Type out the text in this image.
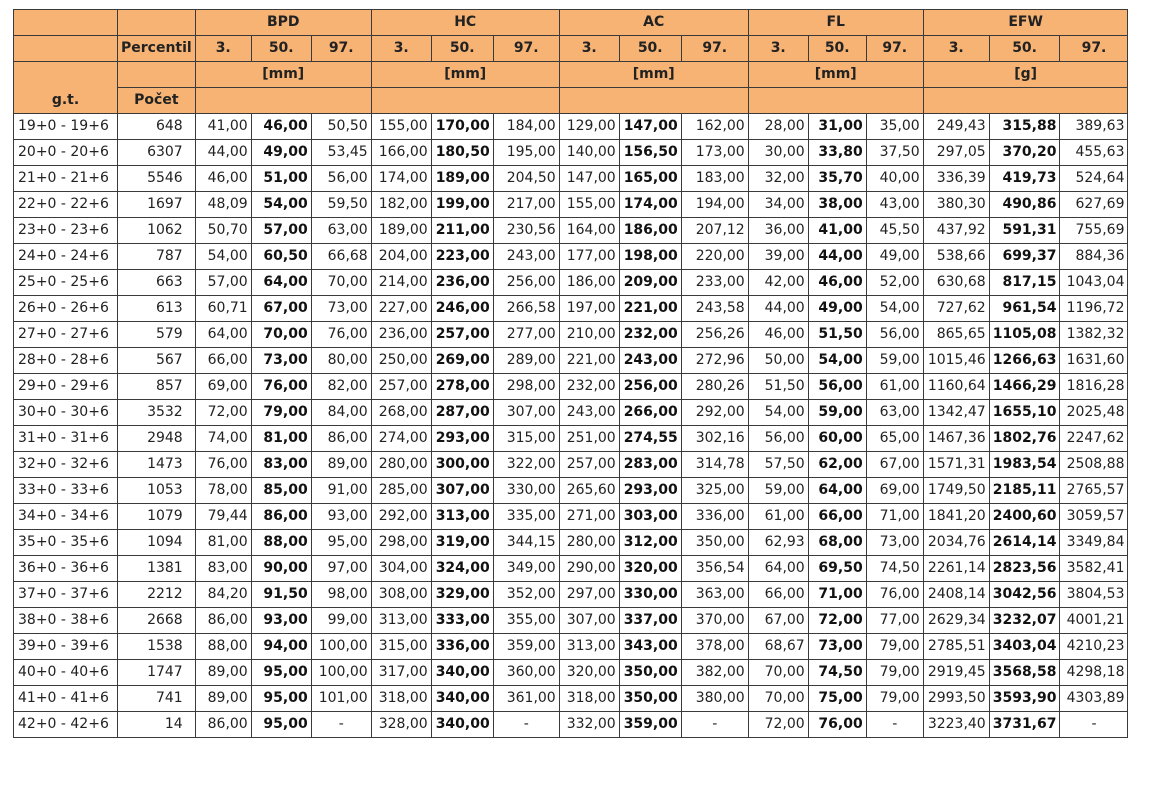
		BPD			HC			AC			FL			EFW		
	Percentil	3.	50.	97.	3.	50.	97.	3.	50.	97.	3.	50.	97.	3.	50.	97.
g.t.		[mm]			[mm]			[mm]			[mm]			[g]		
	Počet															
19+0 - 19+6	648	41,00	46,00	50,50	155,00	170,00	184,00	129,00	147,00	162,00	28,00	31,00	35,00	249,43	315,88	389,63
20+0 - 20+6	6307	44,00	49,00	53,45	166,00	180,50	195,00	140,00	156,50	173,00	30,00	33,80	37,50	297,05	370,20	455,63
21+0 - 21+6	5546	46,00	51,00	56,00	174,00	189,00	204,50	147,00	165,00	183,00	32,00	35,70	40,00	336,39	419,73	524,64
22+0 - 22+6	1697	48,09	54,00	59,50	182,00	199,00	217,00	155,00	174,00	194,00	34,00	38,00	43,00	380,30	490,86	627,69
23+0 - 23+6	1062	50,70	57,00	63,00	189,00	211,00	230,56	164,00	186,00	207,12	36,00	41,00	45,50	437,92	591,31	755,69
24+0 - 24+6	787	54,00	60,50	66,68	204,00	223,00	243,00	177,00	198,00	220,00	39,00	44,00	49,00	538,66	699,37	884,36
25+0 - 25+6	663	57,00	64,00	70,00	214,00	236,00	256,00	186,00	209,00	233,00	42,00	46,00	52,00	630,68	817,15	1043,04
26+0 - 26+6	613	60,71	67,00	73,00	227,00	246,00	266,58	197,00	221,00	243,58	44,00	49,00	54,00	727,62	961,54	1196,72
27+0 - 27+6	579	64,00	70,00	76,00	236,00	257,00	277,00	210,00	232,00	256,26	46,00	51,50	56,00	865,65	1105,08	1382,32
28+0 - 28+6	567	66,00	73,00	80,00	250,00	269,00	289,00	221,00	243,00	272,96	50,00	54,00	59,00	1015,46	1266,63	1631,60
29+0 - 29+6	857	69,00	76,00	82,00	257,00	278,00	298,00	232,00	256,00	280,26	51,50	56,00	61,00	1160,64	1466,29	1816,28
30+0 - 30+6	3532	72,00	79,00	84,00	268,00	287,00	307,00	243,00	266,00	292,00	54,00	59,00	63,00	1342,47	1655,10	2025,48
31+0 - 31+6	2948	74,00	81,00	86,00	274,00	293,00	315,00	251,00	274,55	302,16	56,00	60,00	65,00	1467,36	1802,76	2247,62
32+0 - 32+6	1473	76,00	83,00	89,00	280,00	300,00	322,00	257,00	283,00	314,78	57,50	62,00	67,00	1571,31	1983,54	2508,88
33+0 - 33+6	1053	78,00	85,00	91,00	285,00	307,00	330,00	265,60	293,00	325,00	59,00	64,00	69,00	1749,50	2185,11	2765,57
34+0 - 34+6	1079	79,44	86,00	93,00	292,00	313,00	335,00	271,00	303,00	336,00	61,00	66,00	71,00	1841,20	2400,60	3059,57
35+0 - 35+6	1094	81,00	88,00	95,00	298,00	319,00	344,15	280,00	312,00	350,00	62,93	68,00	73,00	2034,76	2614,14	3349,84
36+0 - 36+6	1381	83,00	90,00	97,00	304,00	324,00	349,00	290,00	320,00	356,54	64,00	69,50	74,50	2261,14	2823,56	3582,41
37+0 - 37+6	2212	84,20	91,50	98,00	308,00	329,00	352,00	297,00	330,00	363,00	66,00	71,00	76,00	2408,14	3042,56	3804,53
38+0 - 38+6	2668	86,00	93,00	99,00	313,00	333,00	355,00	307,00	337,00	370,00	67,00	72,00	77,00	2629,34	3232,07	4001,21
39+0 - 39+6	1538	88,00	94,00	100,00	315,00	336,00	359,00	313,00	343,00	378,00	68,67	73,00	79,00	2785,51	3403,04	4210,23
40+0 - 40+6	1747	89,00	95,00	100,00	317,00	340,00	360,00	320,00	350,00	382,00	70,00	74,50	79,00	2919,45	3568,58	4298,18
41+0 - 41+6	741	89,00	95,00	101,00	318,00	340,00	361,00	318,00	350,00	380,00	70,00	75,00	79,00	2993,50	3593,90	4303,89
42+0 - 42+6	14	86,00	95,00	-	328,00	340,00	-	332,00	359,00	-	72,00	76,00	-	3223,40	3731,67	-
